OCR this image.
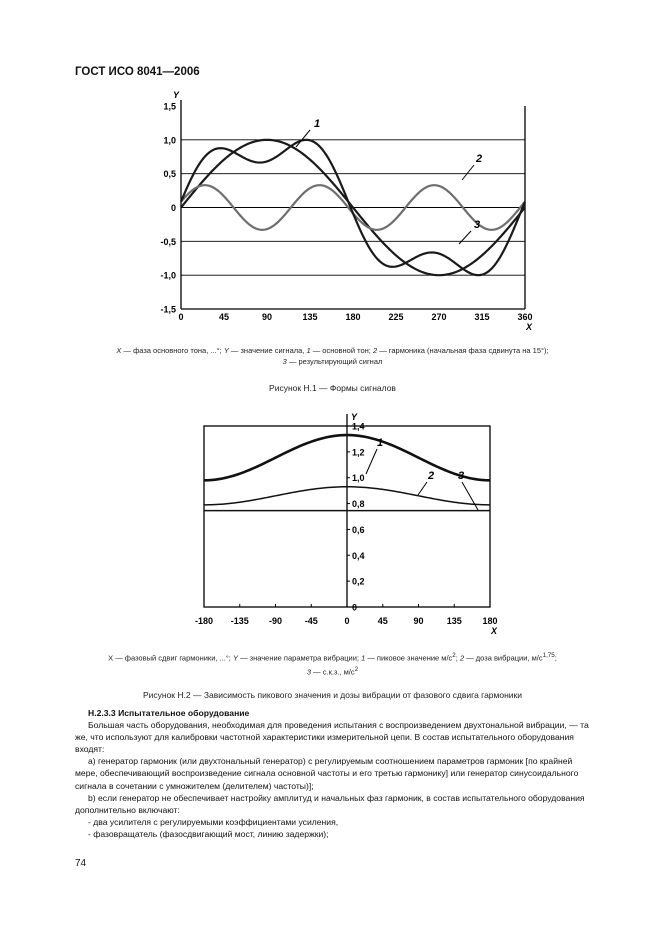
ГОСТ ИСО 8041—2006
1,5
1,0
0,5
0
-0,5
-1,0
-1,5
Y
0	45	90	135	180	225	270	315	360
X
1
2
3
Y
1,4
1,2
1,0
0,8
0,6
0,4
0,2
0
-180 -135 -90	-45	0	45	90	135 180
X
1
2 3
X — фаза основного тона, ...°; Y — значение сигнала, 1 — основной тон; 2 — гармоника (начальная фаза сдвинута на 15°);
3 — результирующий сигнал
Рисунок Н.1 — Формы сигналов
X — фазовый сдвиг гармоники, ...°; Y — значение параметра вибрации; 1 — пиковое значение $м/с^2$; 2 — доза вибрации, $м/с^{1,75}$;
3 — с.к.з., $м/с^2$
Рисунок Н.2 — Зависимость пикового значения и дозы вибрации от фазового сдвига гармоники

Н.2.3.3 Испытательное оборудование

Большая часть оборудования, необходимая для проведения испытания с воспроизведением двухтональной вибрации, — та же, что используют для калибровки частотной характеристики измерительной цепи. В состав испытательного оборудования входят:

а) генератор гармоник (или двухтональный генератор) с регулируемым соотношением параметров гармоник [по крайней мере, обеспечивающий воспроизведение сигнала основной частоты и его третью гармонику] или генератор синусоидального сигнала в сочетании с умножителем (делителем) частоты)];

b) если генератор не обеспечивает настройку амплитуд и начальных фаз гармоник, в состав испытательного оборудования дополнительно включают:

- два усилителя с регулируемыми коэффициентами усиления,

- фазовращатель (фазосдвигающий мост, линию задержки);

74
